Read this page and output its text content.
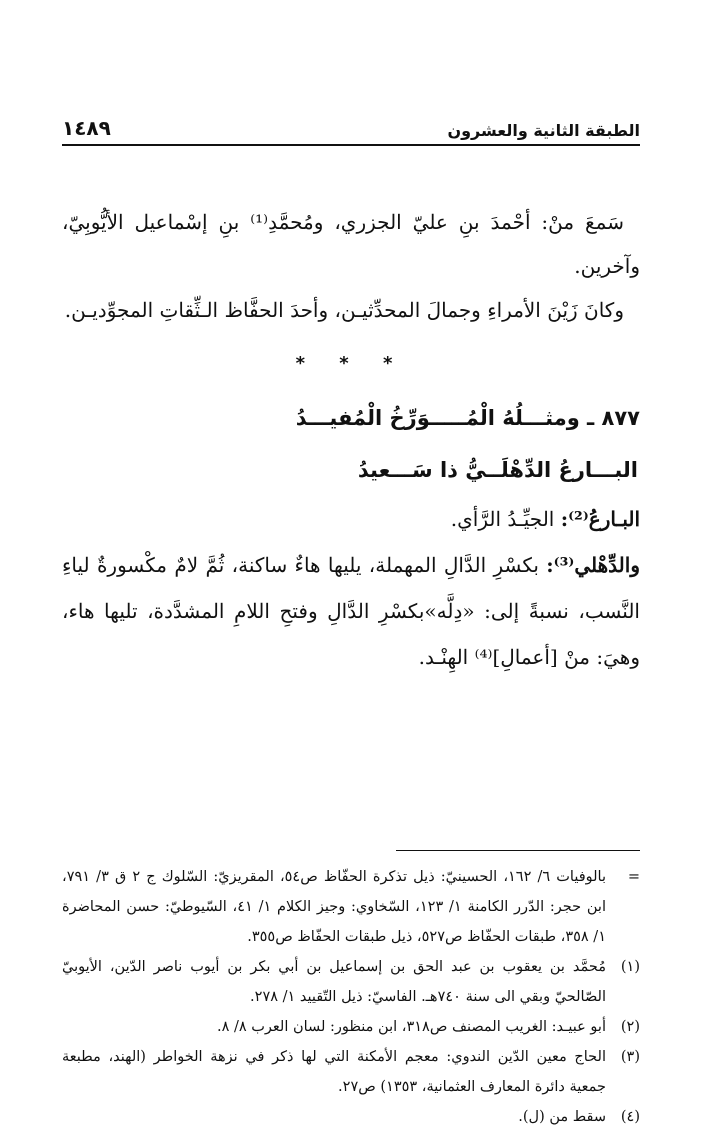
الطبقة الثانية والعشرون
١٤٨٩

سَمعَ منْ: أحْمدَ بنِ عليّ الجزري، ومُحمَّدِ⁽¹⁾ بنِ إسْماعيل الأيُّوبِيّ، وآخرين.

وكانَ زَيْنَ الأمراءِ وجمالَ المحدِّثيـن، وأحدَ الحفَّاظ الـثِّقاتِ المجوِّديـن.

* * *
٨٧٧ ـ ومثـــلُهُ الْمُـــــوَرِّخُ الْمُفيـــدُ
البـــارعُ الدِّهْلَــيُّ ذا سَـــعيدُ

البـارعُ⁽²⁾: الجيِّـدُ الرَّأي.

والدِّهْلي⁽³⁾: بكسْرِ الدَّالِ المهملة، يليها هاءٌ ساكنة، ثُمَّ لامٌ مكْسورةٌ لياءِ النَّسب، نسبةً إلى: «دِلَّه»بكسْرِ الدَّالِ وفتحِ اللامِ المشدَّدة، تليها هاء، وهيَ: منْ [أعمالِ]⁽⁴⁾ الهِنْـد.

=
بالوفيات ٦/ ١٦٢، الحسينيّ: ذيل تذكرة الحفّاظ ص٥٤، المقريزيّ: السّلوك ج ٢ ق ٣/ ٧٩١، ابن حجر: الدّرر الكامنة ١/ ١٢٣، السّخاوي: وجيز الكلام ١/ ٤١، السّيوطيّ: حسن المحاضرة ١/ ٣٥٨، طبقات الحفّاظ ص٥٢٧، ذيل طبقات الحفّاظ ص٣٥٥.
(١)
مُحمَّد بن يعقوب بن عبد الحق بن إسماعيل بن أبي بكر بن أيوب ناصر الدّين، الأيوبيّ الصّالحيّ وبقي الى سنة ٧٤٠هـ. الفاسيّ: ذيل التّقييد ١/ ٢٧٨.
(٢)
أبو عبيـد: الغريب المصنف ص٣١٨، ابن منظور: لسان العرب ٨/ ٨.
(٣)
الحاج معين الدّين الندوي: معجم الأمكنة التي لها ذكر في نزهة الخواطر (الهند، مطبعة جمعية دائرة المعارف العثمانية، ١٣٥٣) ص٢٧.
(٤)
سقط من (ل).
